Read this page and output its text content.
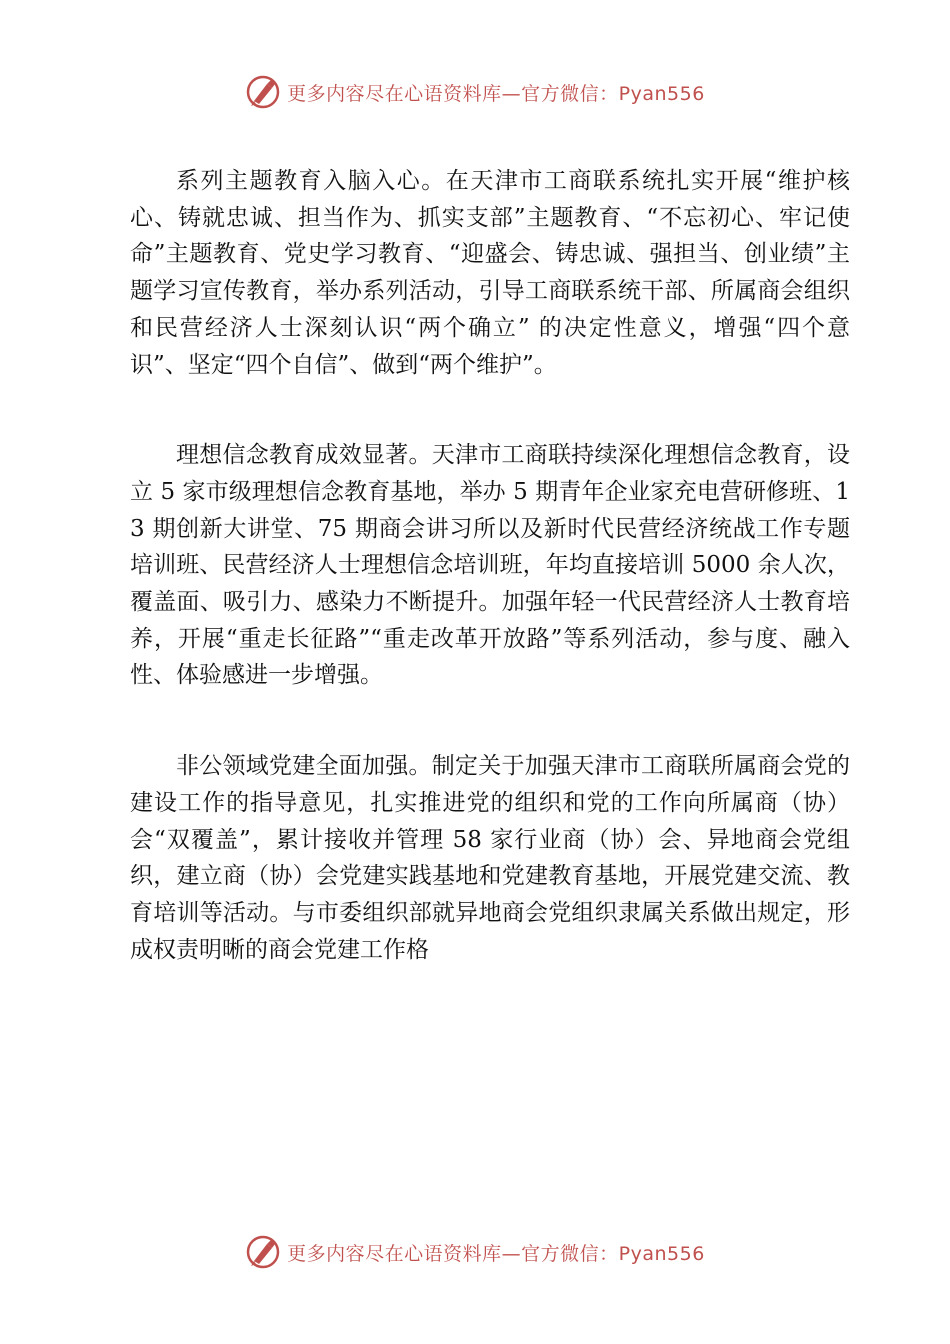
更多内容尽在心语资料库—官方微信：Pyan556

系列主题教育入脑入心。在天津市工商联系统扎实开展“维护核心、铸就忠诚、担当作为、抓实支部”主题教育、“不忘初心、牢记使命”主题教育、党史学习教育、“迎盛会、铸忠诚、强担当、创业绩”主题学习宣传教育，举办系列活动，引导工商联系统干部、所属商会组织和民营经济人士深刻认识“两个确立” 的决定性意义，增强“四个意识”、坚定“四个自信”、做到“两个维护”。

理想信念教育成效显著。天津市工商联持续深化理想信念教育，设立 5 家市级理想信念教育基地，举办 5 期青年企业家充电营研修班、13 期创新大讲堂、75 期商会讲习所以及新时代民营经济统战工作专题培训班、民营经济人士理想信念培训班，年均直接培训 5000 余人次，覆盖面、吸引力、感染力不断提升。加强年轻一代民营经济人士教育培养，开展“重走长征路”“重走改革开放路”等系列活动，参与度、融入性、体验感进一步增强。

非公领域党建全面加强。制定关于加强天津市工商联所属商会党的建设工作的指导意见，扎实推进党的组织和党的工作向所属商（协）会“双覆盖”，累计接收并管理 58 家行业商（协）会、异地商会党组织，建立商（协）会党建实践基地和党建教育基地，开展党建交流、教育培训等活动。与市委组织部就异地商会党组织隶属关系做出规定，形成权责明晰的商会党建工作格

更多内容尽在心语资料库—官方微信：Pyan556
